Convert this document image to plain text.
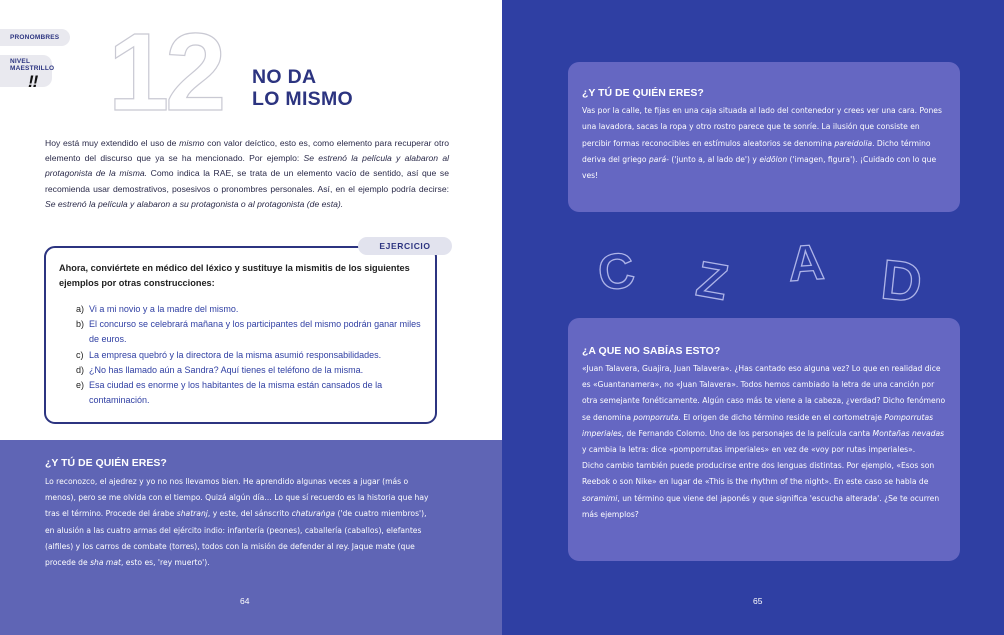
PRONOMBRES
NIVEL MAESTRILLO
!! 12 NO DA
LO MISMO
Hoy está muy extendido el uso de mismo con valor deíctico, esto es, como elemento para recuperar otro elemento del discurso que ya se ha mencionado. Por ejemplo: Se estrenó la película y alabaron al protagonista de la misma. Como indica la RAE, se trata de un elemento vacío de sentido, así que se recomienda usar demostrativos, posesivos o pronombres personales. Así, en el ejemplo podría decirse: Se estrenó la película y alabaron a su protagonista o al protagonista (de esta).
EJERCICIO
Ahora, conviértete en médico del léxico y sustituye la mismitis de los siguientes ejemplos por otras construcciones:
a) Vi a mi novio y a la madre del mismo.
b) El concurso se celebrará mañana y los participantes del mismo podrán ganar miles de euros.
c) La empresa quebró y la directora de la misma asumió responsabilidades.
d) ¿No has llamado aún a Sandra? Aquí tienes el teléfono de la misma.
e) Esa ciudad es enorme y los habitantes de la misma están cansados de la contaminación.
¿Y TÚ DE QUIÉN ERES?
Lo reconozco, el ajedrez y yo no nos llevamos bien. He aprendido algunas veces a jugar (más o menos), pero se me olvida con el tiempo. Quizá algún día… Lo que sí recuerdo es la historia que hay tras el término. Procede del árabe shatranj, y este, del sánscrito chaturaṅga ('de cuatro miembros'), en alusión a las cuatro armas del ejército indio: infantería (peones), caballería (caballos), elefantes (alfiles) y los carros de combate (torres), todos con la misión de defender al rey. Jaque mate (que procede de sha mat, esto es, 'rey muerto').
64
¿Y TÚ DE QUIÉN ERES?
Vas por la calle, te fijas en una caja situada al lado del contenedor y crees ver una cara. Pones una lavadora, sacas la ropa y otro rostro parece que te sonríe. La ilusión que consiste en percibir formas reconocibles en estímulos aleatorios se denomina pareidolia. Dicho término deriva del griego pará- ('junto a, al lado de') y eidōlon ('imagen, figura'). ¡Cuidado con lo que ves!
C Z A D
¿A QUE NO SABÍAS ESTO?
«Juan Talavera, Guajira, Juan Talavera». ¿Has cantado eso alguna vez? Lo que en realidad dice es «Guantanamera», no «Juan Talavera». Todos hemos cambiado la letra de una canción por otra semejante fonéticamente. Algún caso más te viene a la cabeza, ¿verdad? Dicho fenómeno se denomina pomporruta. El origen de dicho término reside en el cortometraje Pomporrutas imperiales, de Fernando Colomo. Uno de los personajes de la película canta Montañas nevadas y cambia la letra: dice «pomporrutas imperiales» en vez de «voy por rutas imperiales».
Dicho cambio también puede producirse entre dos lenguas distintas. Por ejemplo, «Esos son Reebok o son Nike» en lugar de «This is the rhythm of the night». En este caso se habla de soramimi, un término que viene del japonés y que significa 'escucha alterada'. ¿Se te ocurren más ejemplos?
65
